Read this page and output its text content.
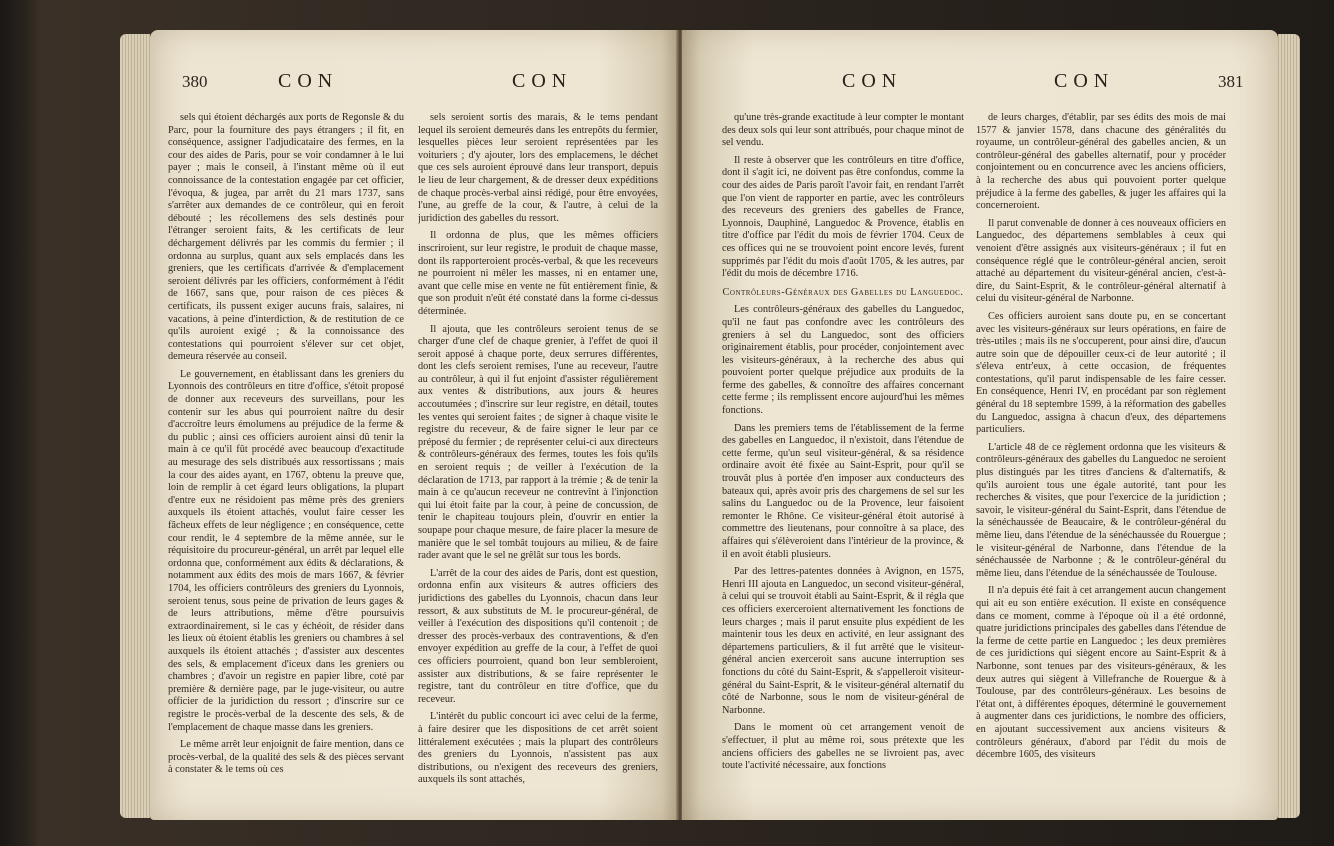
380	CON	CON

sels qui étoient déchargés aux ports de Regonsle & du Parc, pour la fourniture des pays étrangers ; il fit, en conséquence, assigner l'adjudicataire des fermes, en la cour des aides de Paris, pour se voir condamner à le lui payer ; mais le conseil, à l'instant même où il eut connoissance de la contestation engagée par cet officier, l'évoqua, & jugea, par arrêt du 21 mars 1737, sans s'arrêter aux demandes de ce contrôleur, qui en feroit débouté ; les récollemens des sels destinés pour l'étranger seroient faits, & les certificats de leur déchargement délivrés par les commis du fermier ; il ordonna au surplus, quant aux sels emplacés dans les greniers, que les certificats d'arrivée & d'emplacement seroient délivrés par les officiers, conformément à l'édit de 1667, sans que, pour raison de ces pièces & certificats, ils pussent exiger aucuns frais, salaires, ni vacations, à peine d'interdiction, & de restitution de ce qu'ils auroient exigé ; & la connoissance des contestations qui pourroient s'élever sur cet objet, demeura réservée au conseil.

Le gouvernement, en établissant dans les greniers du Lyonnois des contrôleurs en titre d'office, s'étoit proposé de donner aux receveurs des surveillans, pour les contenir sur les abus qui pourroient naître du desir d'accroître leurs émolumens au préjudice de la ferme & du public ; ainsi ces officiers auroient ainsi dû tenir la main à ce qu'il fût procédé avec beaucoup d'exactitude au mesurage des sels distribués aux ressortissans ; mais la cour des aides ayant, en 1767, obtenu la preuve que, loin de remplir à cet égard leurs obligations, la plupart d'entre eux ne résidoient pas même près des greniers auxquels ils étoient attachés, voulut faire cesser les fâcheux effets de leur négligence ; en conséquence, cette cour rendit, le 4 septembre de la même année, sur le réquisitoire du procureur-général, un arrêt par lequel elle ordonna que, conformément aux édits & déclarations, & notamment aux édits des mois de mars 1667, & février 1704, les officiers contrôleurs des greniers du Lyonnois, seroient tenus, sous peine de privation de leurs gages & de leurs attributions, même d'être poursuivis extraordinairement, si le cas y échéoit, de résider dans les lieux où étoient établis les greniers ou chambres à sel auxquels ils étoient attachés ; d'assister aux descentes des sels, & emplacement d'iceux dans les greniers ou chambres ; d'avoir un registre en papier libre, coté par première & dernière page, par le juge-visiteur, ou autre officier de la juridiction du ressort ; d'inscrire sur ce registre le procès-verbal de la descente des sels, & de l'emplacement de chaque masse dans les greniers.

Le même arrêt leur enjoignit de faire mention, dans ce procès-verbal, de la qualité des sels & des pièces servant à constater & le tems où ces

sels seroient sortis des marais, & le tems pendant lequel ils seroient demeurés dans les entrepôts du fermier, lesquelles pièces leur seroient représentées par les voituriers ; d'y ajouter, lors des emplacemens, le déchet que ces sels auroient éprouvé dans leur transport, depuis le lieu de leur chargement, & de dresser deux expéditions de chaque procès-verbal ainsi rédigé, pour être envoyées, l'une, au greffe de la cour, & l'autre, à celui de la juridiction des gabelles du ressort.

Il ordonna de plus, que les mêmes officiers inscriroient, sur leur registre, le produit de chaque masse, dont ils rapporteroient procès-verbal, & que les receveurs ne pourroient ni mêler les masses, ni en entamer une, avant que celle mise en vente ne fût entièrement finie, & que son produit n'eût été constaté dans la forme ci-dessus déterminée.

Il ajouta, que les contrôleurs seroient tenus de se charger d'une clef de chaque grenier, à l'effet de quoi il seroit apposé à chaque porte, deux serrures différentes, dont les clefs seroient remises, l'une au receveur, l'autre au contrôleur, à qui il fut enjoint d'assister régulièrement aux ventes & distributions, aux jours & heures accoutumées ; d'inscrire sur leur registre, en détail, toutes les ventes qui seroient faites ; de signer à chaque visite le registre du receveur, & de faire signer le leur par ce préposé du fermier ; de représenter celui-ci aux directeurs & contrôleurs-généraux des fermes, toutes les fois qu'ils en seroient requis ; de veiller à l'exécution de la déclaration de 1713, par rapport à la trémie ; & de tenir la main à ce qu'aucun receveur ne contrevînt à l'injonction qui lui étoit faite par la cour, à peine de concussion, de tenir le chapiteau toujours plein, d'ouvrir en entier la soupape pour chaque mesure, de faire placer la mesure de manière que le sel tombât toujours au milieu, & de faire rader avant que le sel ne grêlât sur tous les bords.

L'arrêt de la cour des aides de Paris, dont est question, ordonna enfin aux visiteurs & autres officiers des juridictions des gabelles du Lyonnois, chacun dans leur ressort, & aux substituts de M. le procureur-général, de veiller à l'exécution des dispositions qu'il contenoit ; de dresser des procès-verbaux des contraventions, & d'en envoyer expédition au greffe de la cour, à l'effet de quoi ces officiers pourroient, quand bon leur sembleroient, assister aux distributions, & se faire représenter le registre, tant du contrôleur en titre d'office, que du receveur.

L'intérêt du public concourt ici avec celui de la ferme, à faire desirer que les dispositions de cet arrêt soient littéralement exécutées ; mais la plupart des contrôleurs des greniers du Lyonnois, n'assistent pas aux distributions, ou n'exigent des receveurs des greniers, auxquels ils sont attachés,

CON	CON	381

qu'une très-grande exactitude à leur compter le montant des deux sols qui leur sont attribués, pour chaque minot de sel vendu.

Il reste à observer que les contrôleurs en titre d'office, dont il s'agit ici, ne doivent pas être confondus, comme la cour des aides de Paris paroît l'avoir fait, en rendant l'arrêt que l'on vient de rapporter en partie, avec les contrôleurs des receveurs des greniers des gabelles de France, Lyonnois, Dauphiné, Languedoc & Provence, établis en titre d'office par l'édit du mois de février 1704. Ceux de ces offices qui ne se trouvoient point encore levés, furent supprimés par l'édit du mois d'août 1705, & les autres, par l'édit du mois de décembre 1716.

Contrôleurs-Généraux des Gabelles du Languedoc.

Les contrôleurs-généraux des gabelles du Languedoc, qu'il ne faut pas confondre avec les contrôleurs des greniers à sel du Languedoc, sont des officiers originairement établis, pour procéder, conjointement avec les visiteurs-généraux, à la recherche des abus qui pouvoient porter quelque préjudice aux produits de la ferme des gabelles, & connoître des affaires concernant cette ferme ; ils remplissent encore aujourd'hui les mêmes fonctions.

Dans les premiers tems de l'établissement de la ferme des gabelles en Languedoc, il n'existoit, dans l'étendue de cette ferme, qu'un seul visiteur-général, & sa résidence ordinaire avoit été fixée au Saint-Esprit, pour qu'il se trouvât plus à portée d'en imposer aux conducteurs des bateaux qui, après avoir pris des chargemens de sel sur les salins du Languedoc ou de la Provence, leur faisoient remonter le Rhône. Ce visiteur-général étoit autorisé à commettre des lieutenans, pour connoître à sa place, des affaires qui s'élèveroient dans l'intérieur de la province, & il en avoit établi plusieurs.

Par des lettres-patentes données à Avignon, en 1575, Henri III ajouta en Languedoc, un second visiteur-général, à celui qui se trouvoit établi au Saint-Esprit, & il régla que ces officiers exerceroient alternativement les fonctions de leurs charges ; mais il parut ensuite plus expédient de les maintenir tous les deux en activité, en leur assignant des départemens particuliers, & il fut arrêté que le visiteur-général ancien exerceroit sans aucune interruption ses fonctions du côté du Saint-Esprit, & s'appelleroit visiteur-général du Saint-Esprit, & le visiteur-général alternatif du côté de Narbonne, sous le nom de visiteur-général de Narbonne.

Dans le moment où cet arrangement venoit de s'effectuer, il plut au même roi, sous prétexte que les anciens officiers des gabelles ne se livroient pas, avec toute l'activité nécessaire, aux fonctions

de leurs charges, d'établir, par ses édits des mois de mai 1577 & janvier 1578, dans chacune des généralités du royaume, un contrôleur-général des gabelles ancien, & un contrôleur-général des gabelles alternatif, pour y procéder conjointement ou en concurrence avec les anciens officiers, à la recherche des abus qui pouvoient porter quelque préjudice à la ferme des gabelles, & juger les affaires qui la concerneroient.

Il parut convenable de donner à ces nouveaux officiers en Languedoc, des départemens semblables à ceux qui venoient d'être assignés aux visiteurs-généraux ; il fut en conséquence réglé que le contrôleur-général ancien, seroit attaché au département du visiteur-général ancien, c'est-à-dire, du Saint-Esprit, & le contrôleur-général alternatif à celui du visiteur-général de Narbonne.

Ces officiers auroient sans doute pu, en se concertant avec les visiteurs-généraux sur leurs opérations, en faire de très-utiles ; mais ils ne s'occuperent, pour ainsi dire, d'aucun autre soin que de dépouiller ceux-ci de leur autorité ; il s'éleva entr'eux, à cette occasion, de fréquentes contestations, qu'il parut indispensable de les faire cesser. En conséquence, Henri IV, en procédant par son règlement général du 18 septembre 1599, à la réformation des gabelles du Languedoc, assigna à chacun d'eux, des départemens particuliers.

L'article 48 de ce règlement ordonna que les visiteurs & contrôleurs-généraux des gabelles du Languedoc ne seroient plus distingués par les titres d'anciens & d'alternatifs, & qu'ils auroient tous une égale autorité, tant pour les recherches & visites, que pour l'exercice de la juridiction ; savoir, le visiteur-général du Saint-Esprit, dans l'étendue de la sénéchaussée de Beaucaire, & le contrôleur-général du même lieu, dans l'étendue de la sénéchaussée du Rouergue ; le visiteur-général de Narbonne, dans l'étendue de la sénéchaussée de Narbonne ; & le contrôleur-général du même lieu, dans l'étendue de la sénéchaussée de Toulouse.

Il n'a depuis été fait à cet arrangement aucun changement qui ait eu son entière exécution. Il existe en conséquence dans ce moment, comme à l'époque où il a été ordonné, quatre juridictions principales des gabelles dans l'étendue de la ferme de cette partie en Languedoc ; les deux premières de ces juridictions qui siègent encore au Saint-Esprit & à Narbonne, sont tenues par des visiteurs-généraux, & les deux autres qui siègent à Villefranche de Rouergue & à Toulouse, par des contrôleurs-généraux. Les besoins de l'état ont, à différentes époques, déterminé le gouvernement à augmenter dans ces juridictions, le nombre des officiers, en ajoutant successivement aux anciens visiteurs & contrôleurs généraux, d'abord par l'édit du mois de décembre 1605, des visiteurs
